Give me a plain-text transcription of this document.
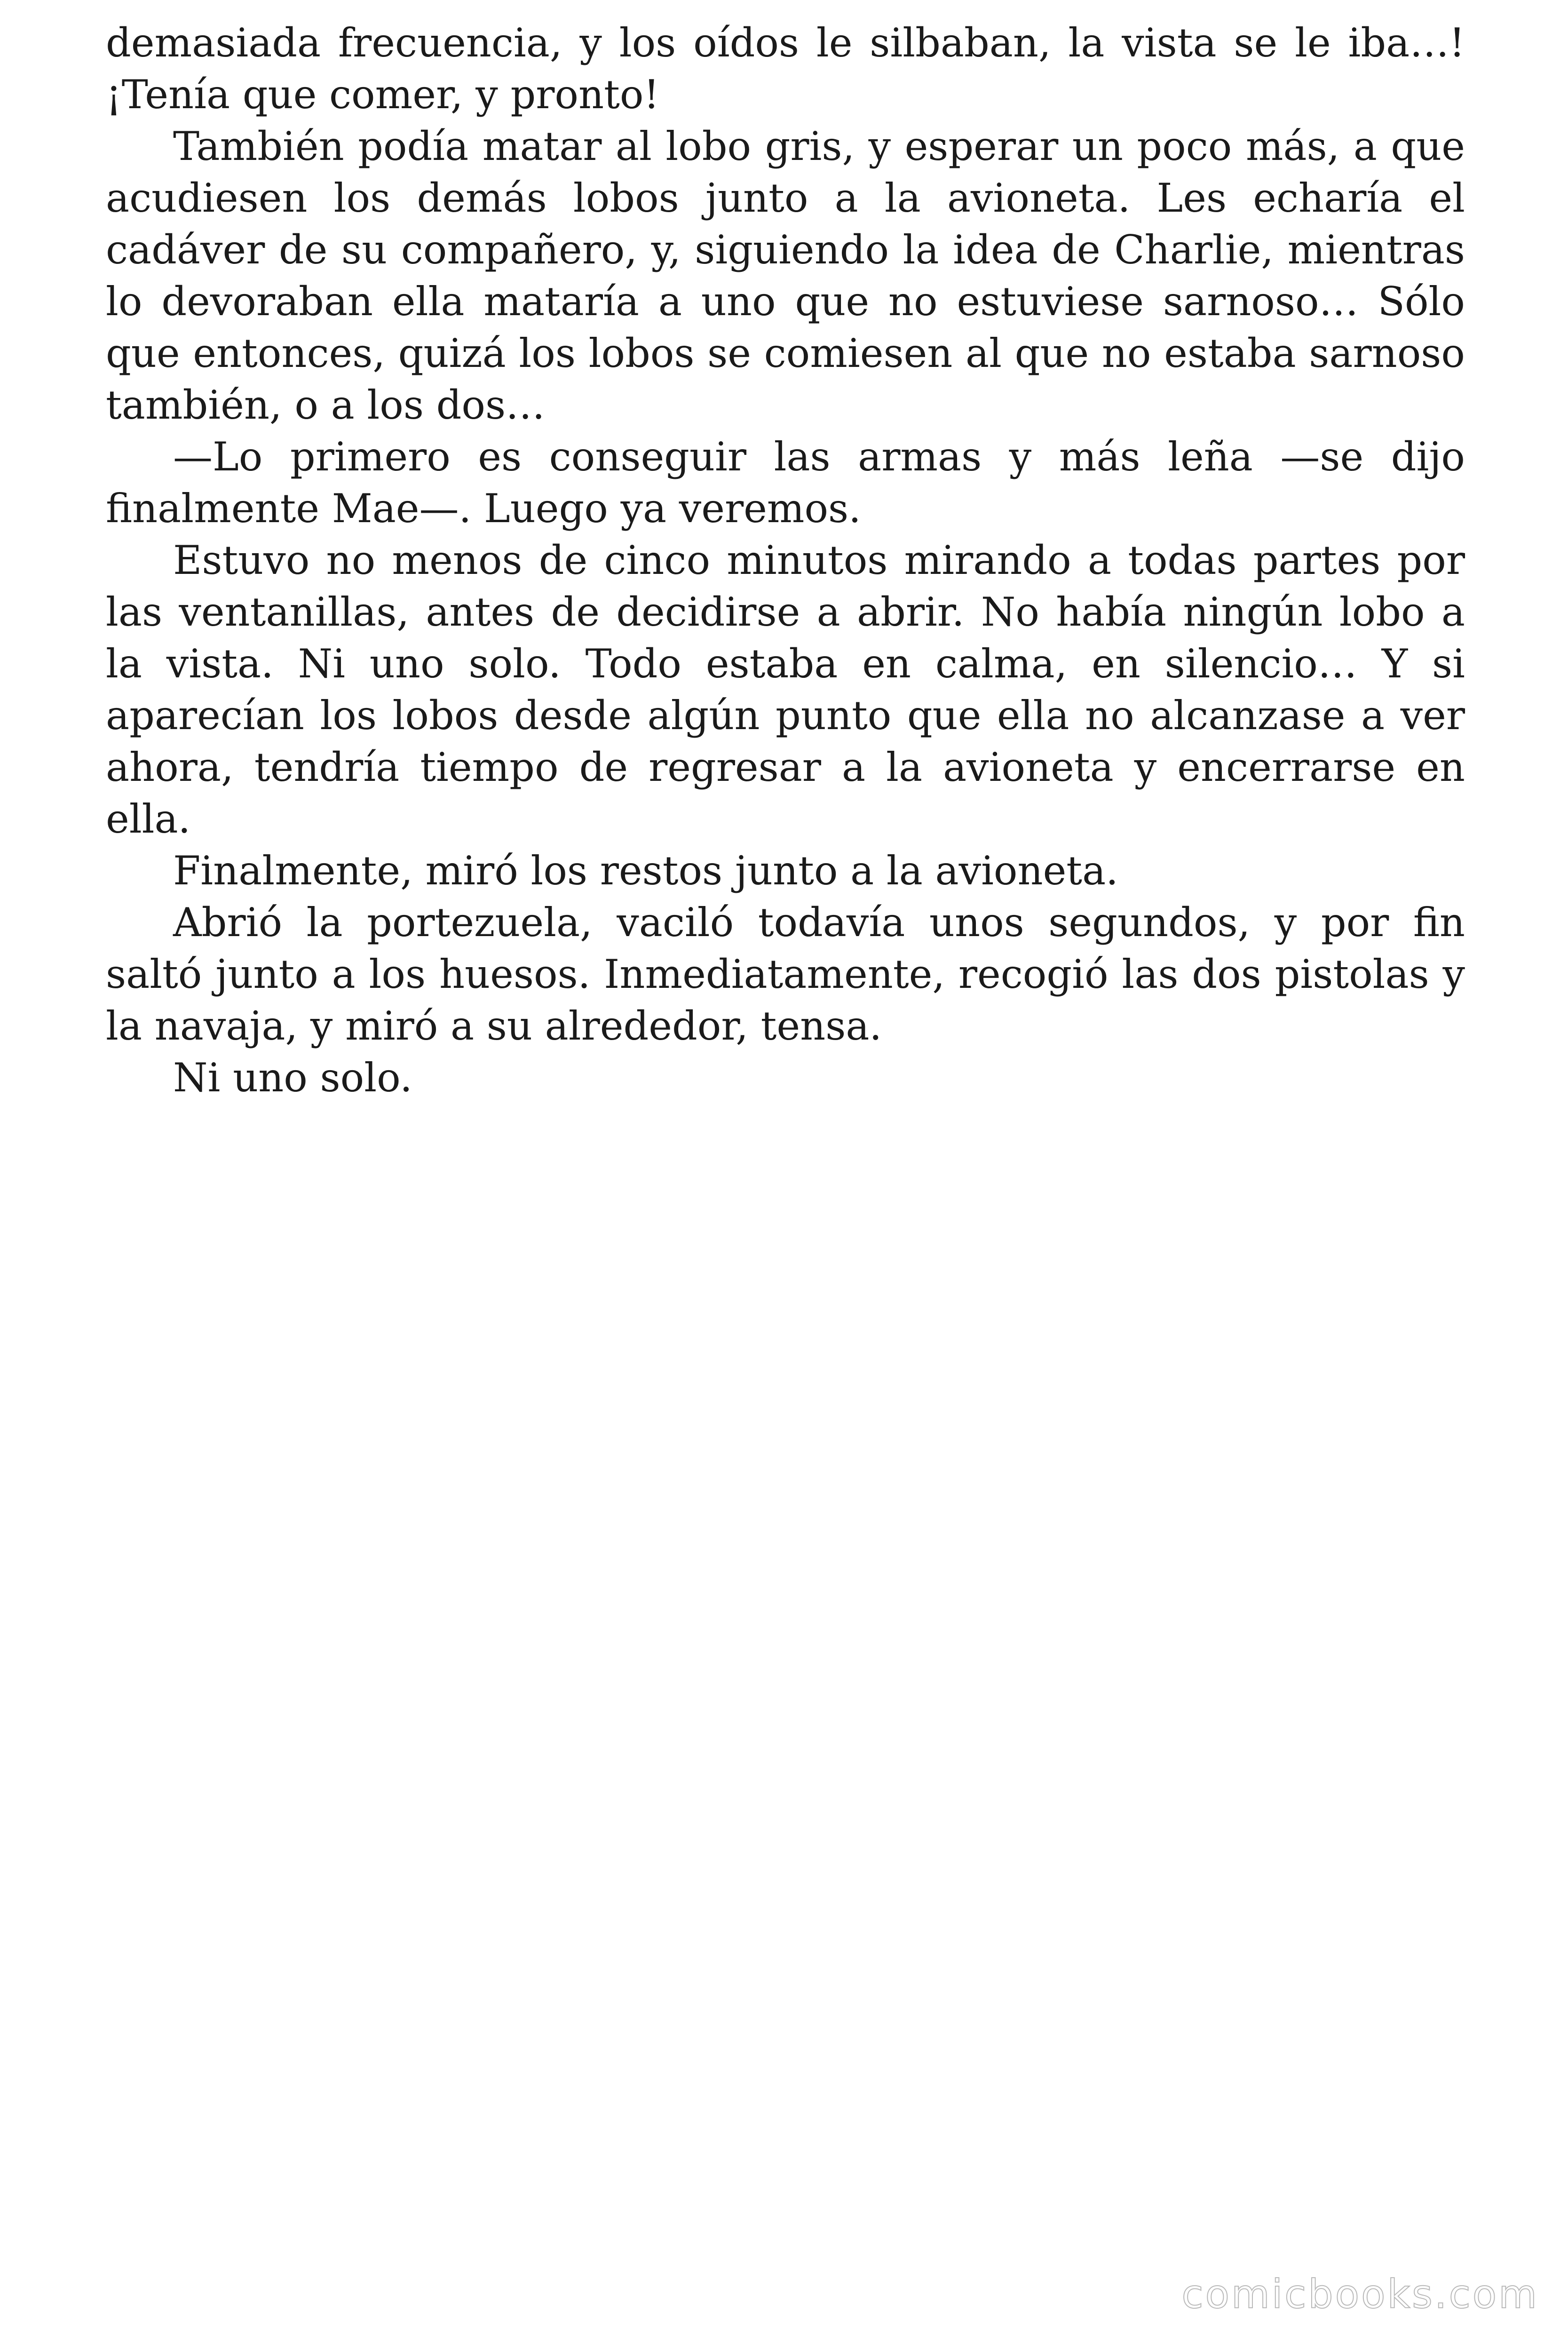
demasiada frecuencia, y los oídos le silbaban, la vista se le iba…! ¡Tenía que comer, y pronto!

También podía matar al lobo gris, y esperar un poco más, a que acudiesen los demás lobos junto a la avioneta. Les echaría el cadáver de su compañero, y, siguiendo la idea de Charlie, mientras lo devoraban ella mataría a uno que no estuviese sarnoso… Sólo que entonces, quizá los lobos se comiesen al que no estaba sarnoso también, o a los dos…

—Lo primero es conseguir las armas y más leña —se dijo finalmente Mae—. Luego ya veremos.

Estuvo no menos de cinco minutos mirando a todas partes por las ventanillas, antes de decidirse a abrir. No había ningún lobo a la vista. Ni uno solo. Todo estaba en calma, en silencio… Y si aparecían los lobos desde algún punto que ella no alcanzase a ver ahora, tendría tiempo de regresar a la avioneta y encerrarse en ella.

Finalmente, miró los restos junto a la avioneta.

Abrió la portezuela, vaciló todavía unos segundos, y por fin saltó junto a los huesos. Inmediatamente, recogió las dos pistolas y la navaja, y miró a su alrededor, tensa.

Ni uno solo.

comicbooks.com
